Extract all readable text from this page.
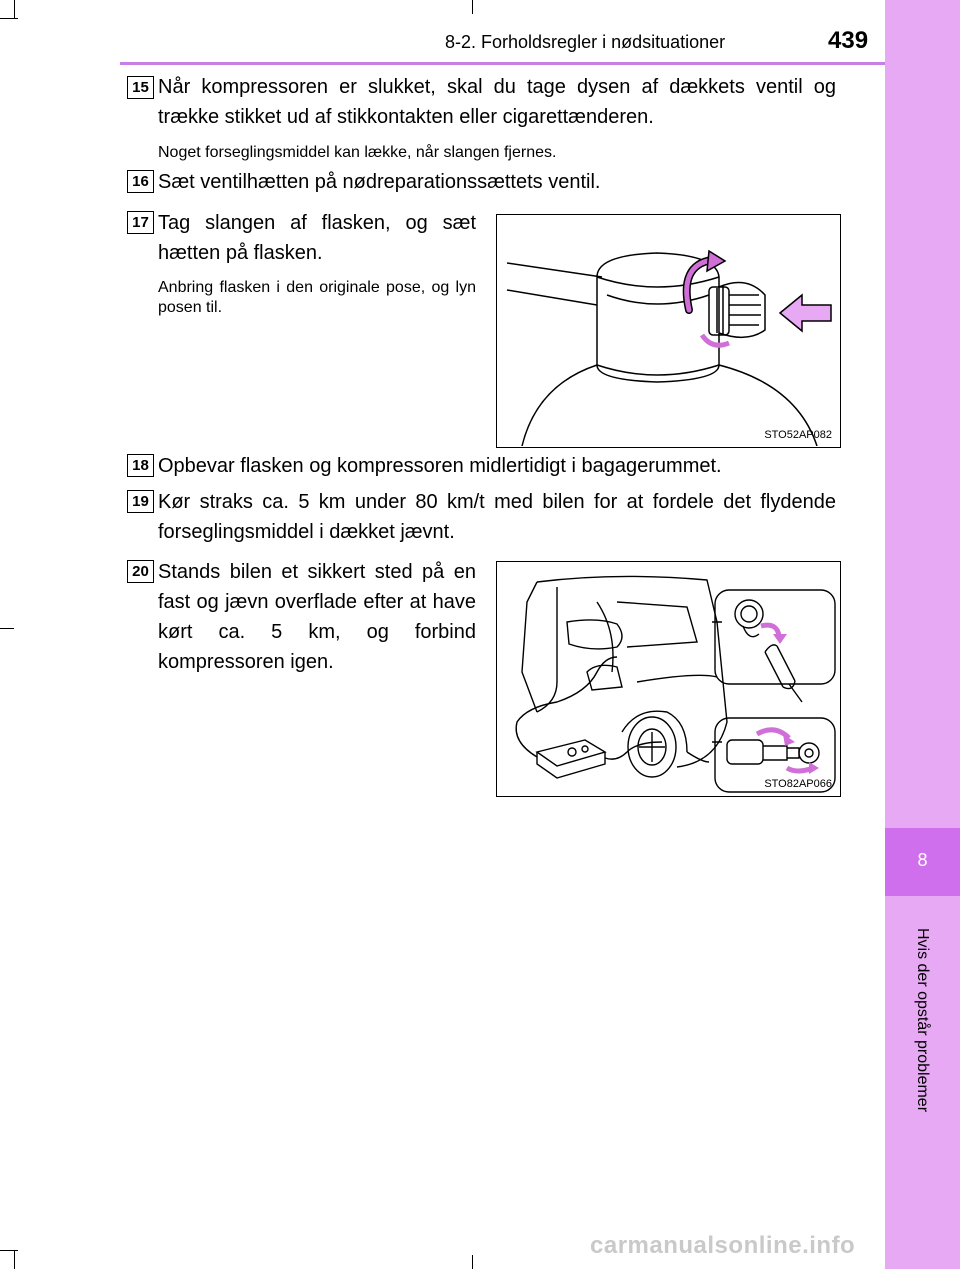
8-2. Forholdsregler i nødsituationer	439
8
Hvis der opstår problemer
15 Når kompressoren er slukket, skal du tage dysen af dækkets ventil og trække stikket ud af stikkontakten eller cigarettænderen.
Noget forseglingsmiddel kan lække, når slangen fjernes.
16 Sæt ventilhætten på nødreparationssættets ventil.
17 Tag slangen af flasken, og sæt hætten på flasken.
Anbring flasken i den originale pose, og lyn posen til.
STO52AP082
18 Opbevar flasken og kompressoren midlertidigt i bagagerummet.
19 Kør straks ca. 5 km under 80 km/t med bilen for at fordele det flydende forseglingsmiddel i dækket jævnt.
20 Stands bilen et sikkert sted på en fast og jævn overflade efter at have kørt ca. 5 km, og forbind kompressoren igen.
STO82AP066
carmanualsonline.info
